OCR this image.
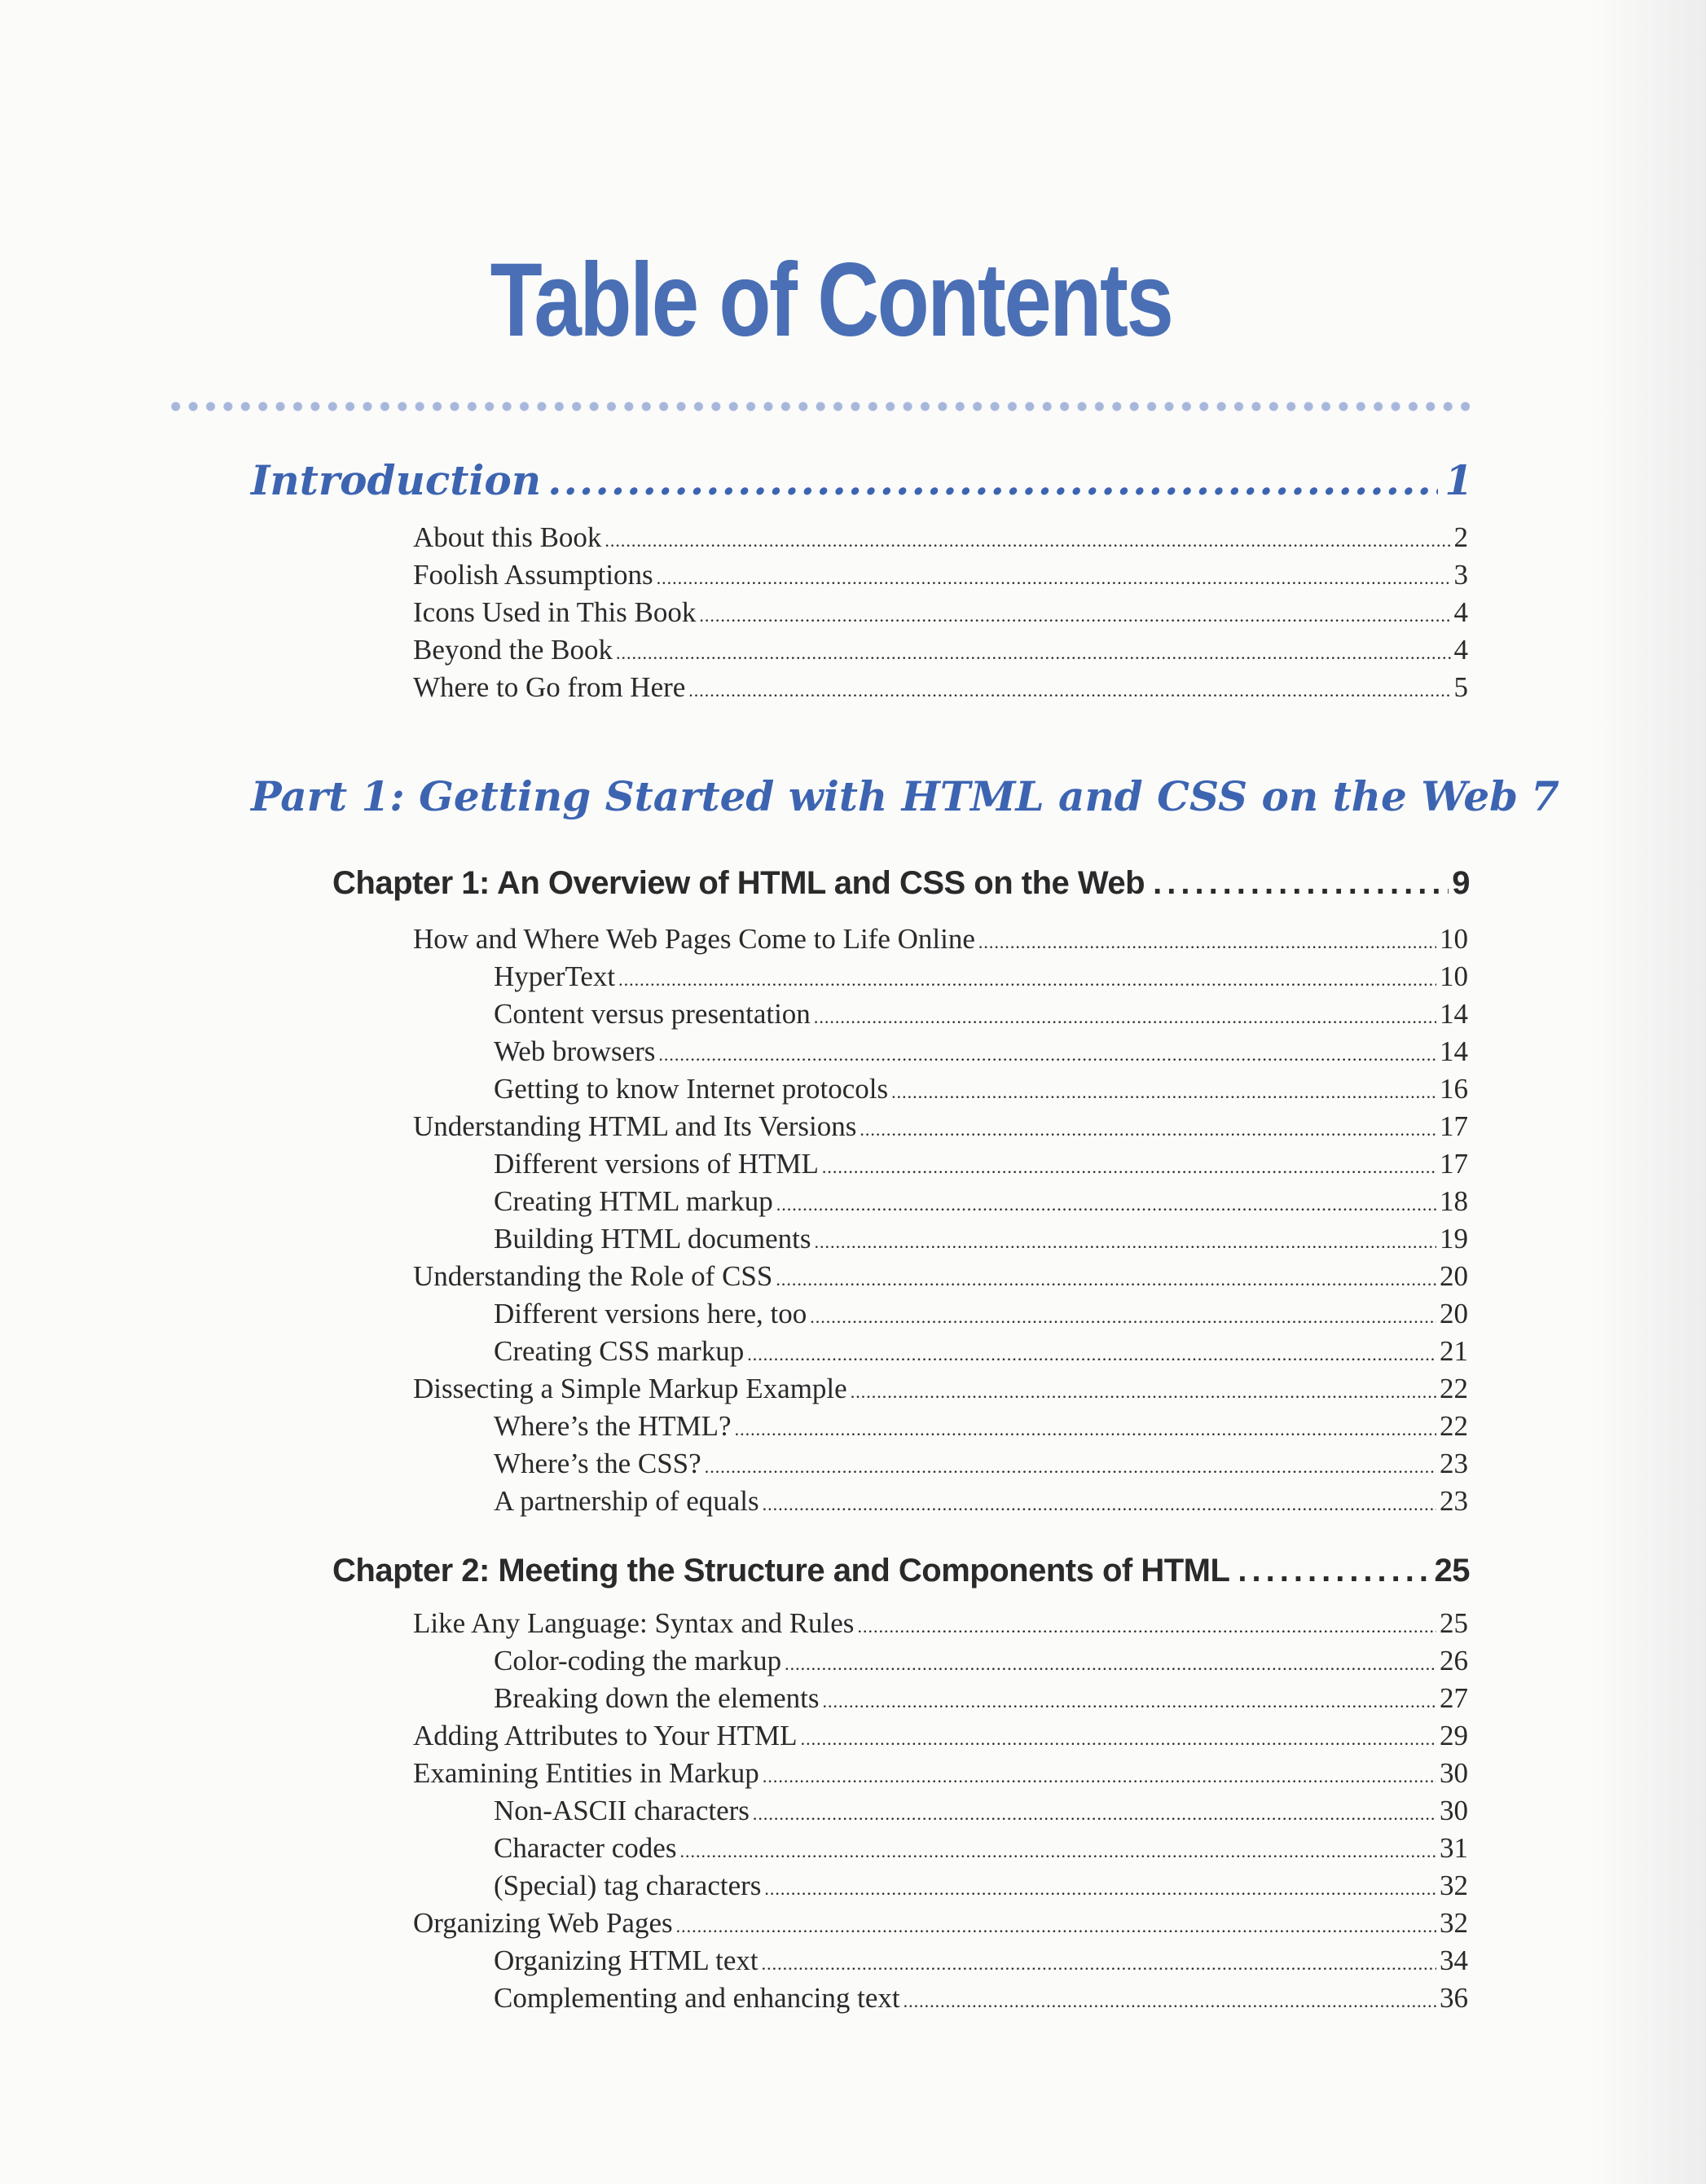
Table of Contents
Introduction .....	1
About this Book .....	2
Foolish Assumptions .....	3
Icons Used in This Book .....	4
Beyond the Book .....	4
Where to Go from Here .....	5
Part 1: Getting Started with HTML and CSS on the Web 7
Chapter 1: An Overview of HTML and CSS on the Web .....	9
How and Where Web Pages Come to Life Online .....	10
HyperText .....	10
Content versus presentation .....	14
Web browsers .....	14
Getting to know Internet protocols .....	16
Understanding HTML and Its Versions .....	17
Different versions of HTML .....	17
Creating HTML markup .....	18
Building HTML documents .....	19
Understanding the Role of CSS .....	20
Different versions here, too .....	20
Creating CSS markup .....	21
Dissecting a Simple Markup Example .....	22
Where’s the HTML? .....	22
Where’s the CSS? .....	23
A partnership of equals .....	23
Chapter 2: Meeting the Structure and Components of HTML .....	25
Like Any Language: Syntax and Rules .....	25
Color-coding the markup .....	26
Breaking down the elements .....	27
Adding Attributes to Your HTML .....	29
Examining Entities in Markup .....	30
Non-ASCII characters .....	30
Character codes .....	31
(Special) tag characters .....	32
Organizing Web Pages .....	32
Organizing HTML text .....	34
Complementing and enhancing text .....	36
